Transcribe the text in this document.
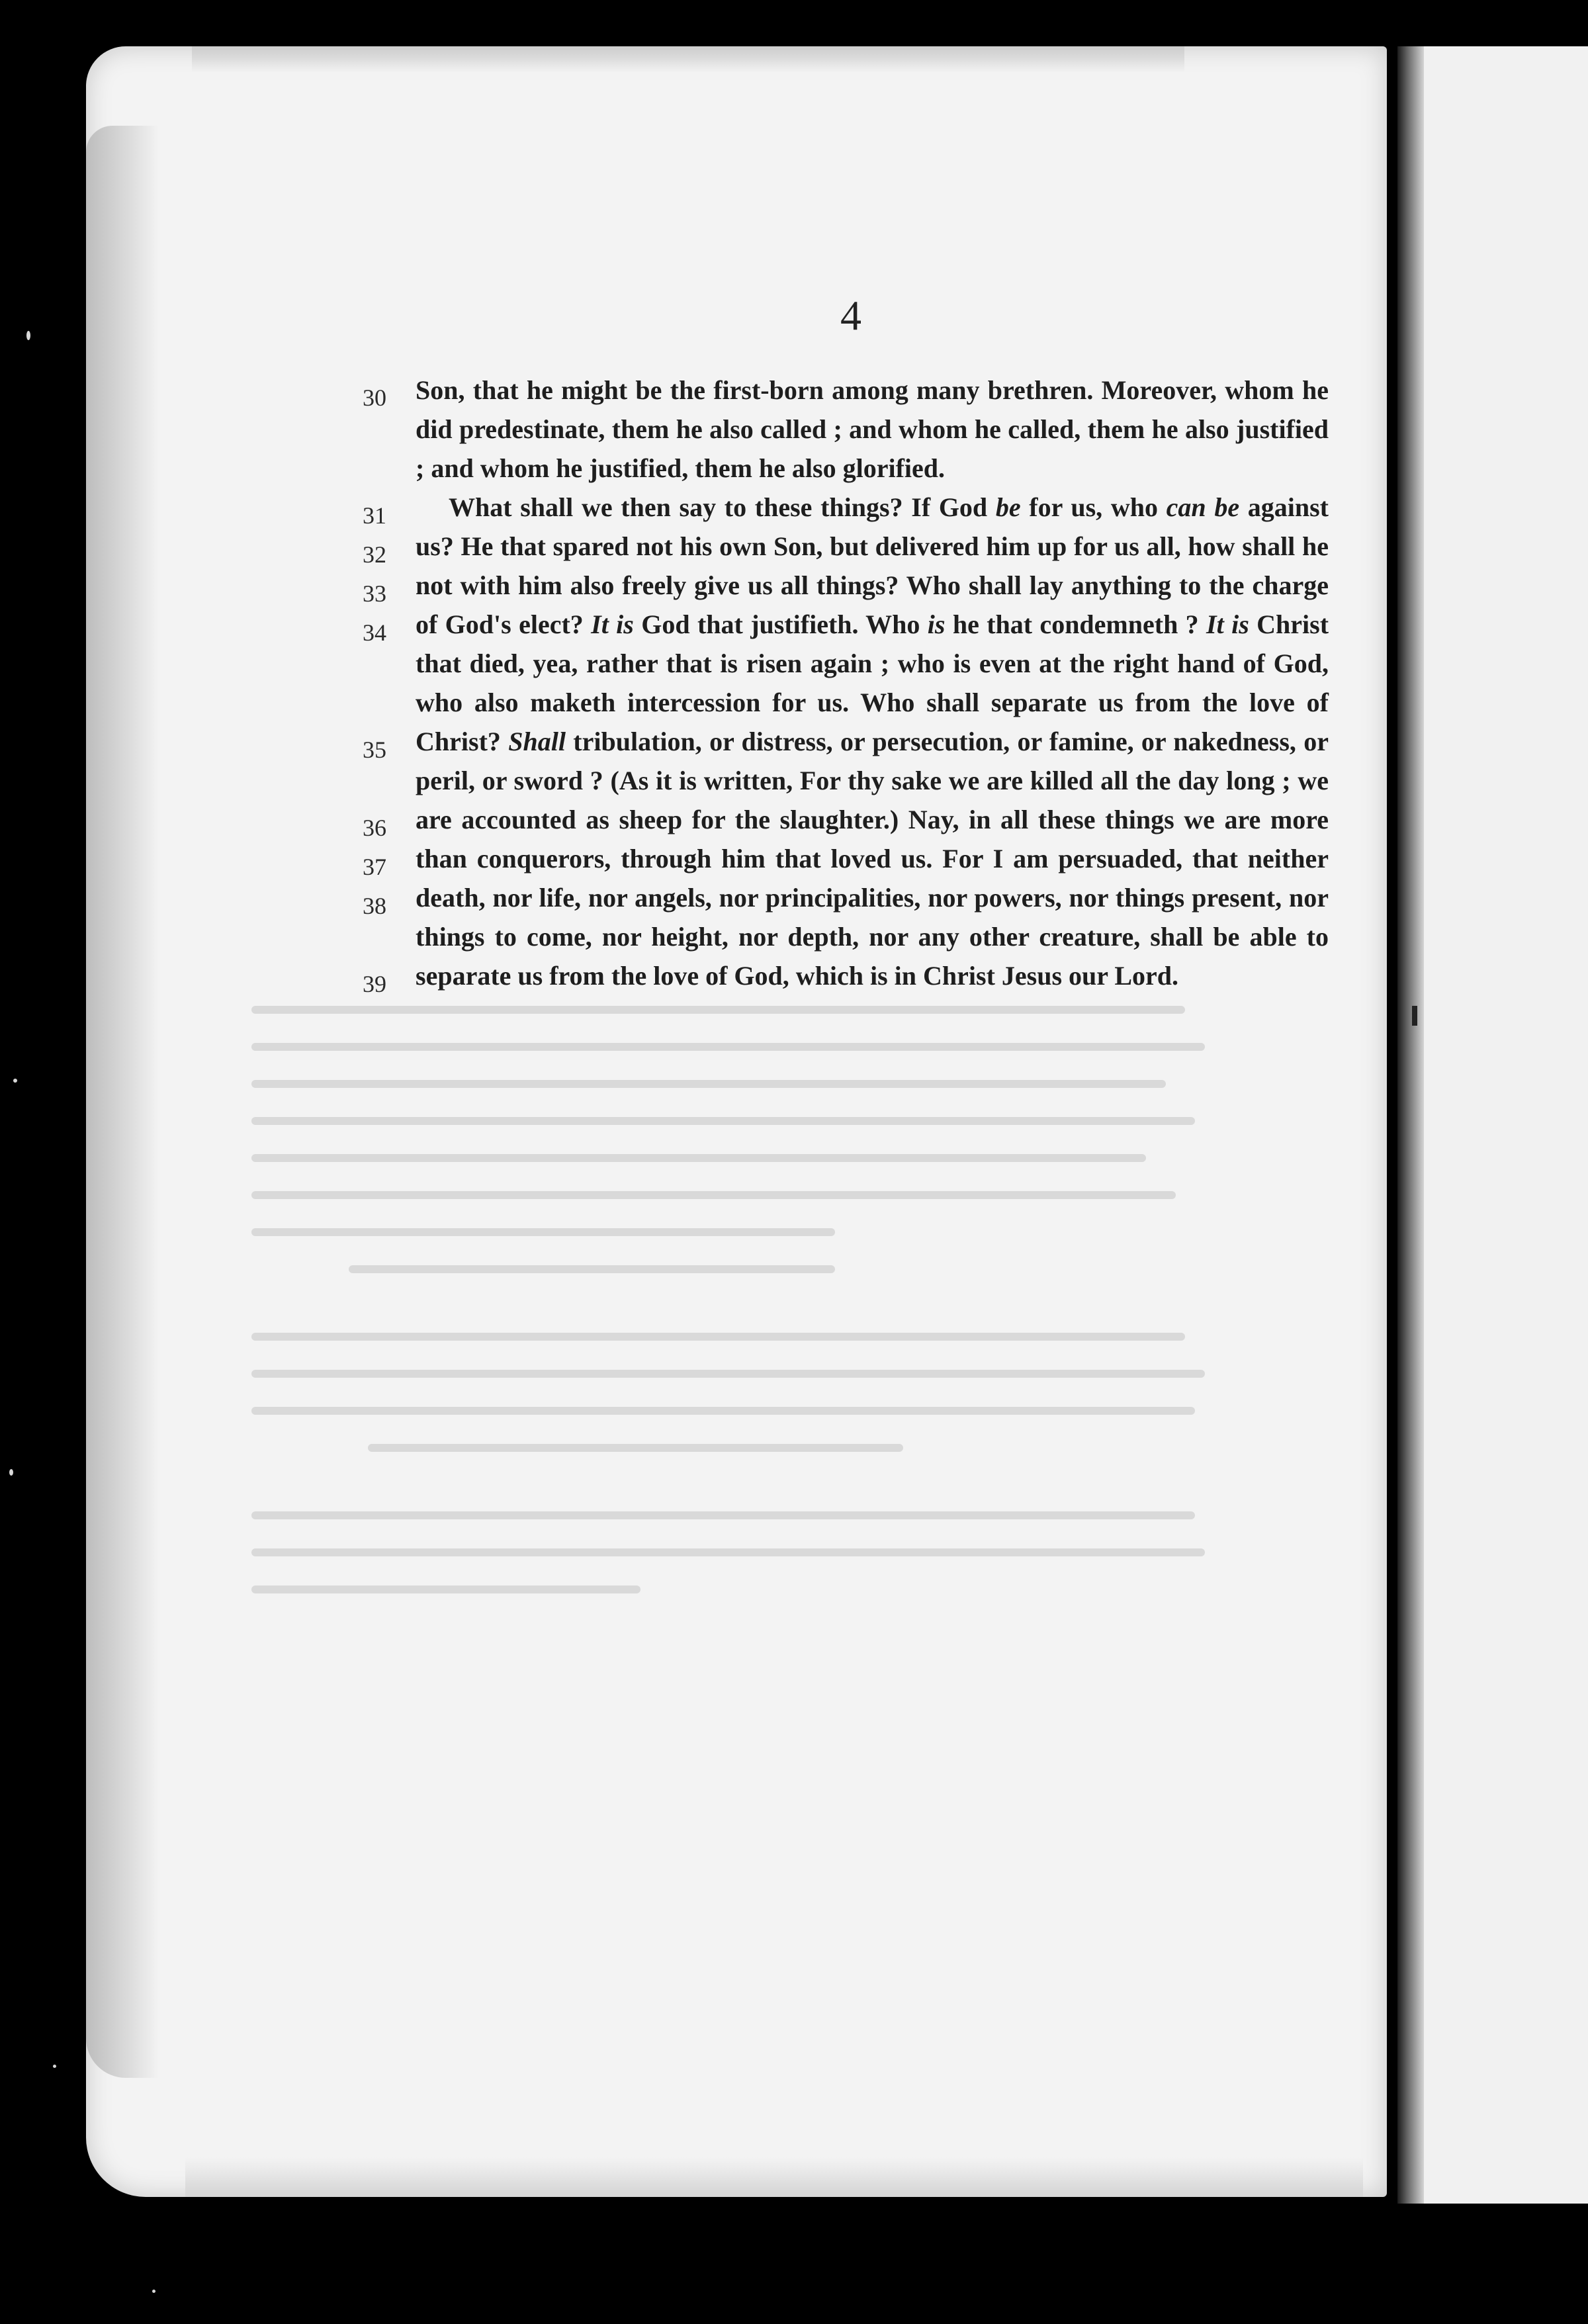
4
30
31
32
33
34
35
36
37
38
39

Son, that he might be the first-born among many brethren. Moreover, whom he did predestinate, them he also called ; and whom he called, them he also justified ; and whom he justified, them he also glorified.

What shall we then say to these things? If God be for us, who can be against us? He that spared not his own Son, but delivered him up for us all, how shall he not with him also freely give us all things? Who shall lay anything to the charge of God's elect? It is God that justifieth. Who is he that condemneth ? It is Christ that died, yea, rather that is risen again ; who is even at the right hand of God, who also maketh intercession for us. Who shall separate us from the love of Christ? Shall tribulation, or distress, or persecution, or famine, or nakedness, or peril, or sword ? (As it is written, For thy sake we are killed all the day long ; we are accounted as sheep for the slaughter.) Nay, in all these things we are more than conquerors, through him that loved us. For I am persuaded, that neither death, nor life, nor angels, nor principalities, nor powers, nor things present, nor things to come, nor height, nor depth, nor any other creature, shall be able to separate us from the love of God, which is in Christ Jesus our Lord.
